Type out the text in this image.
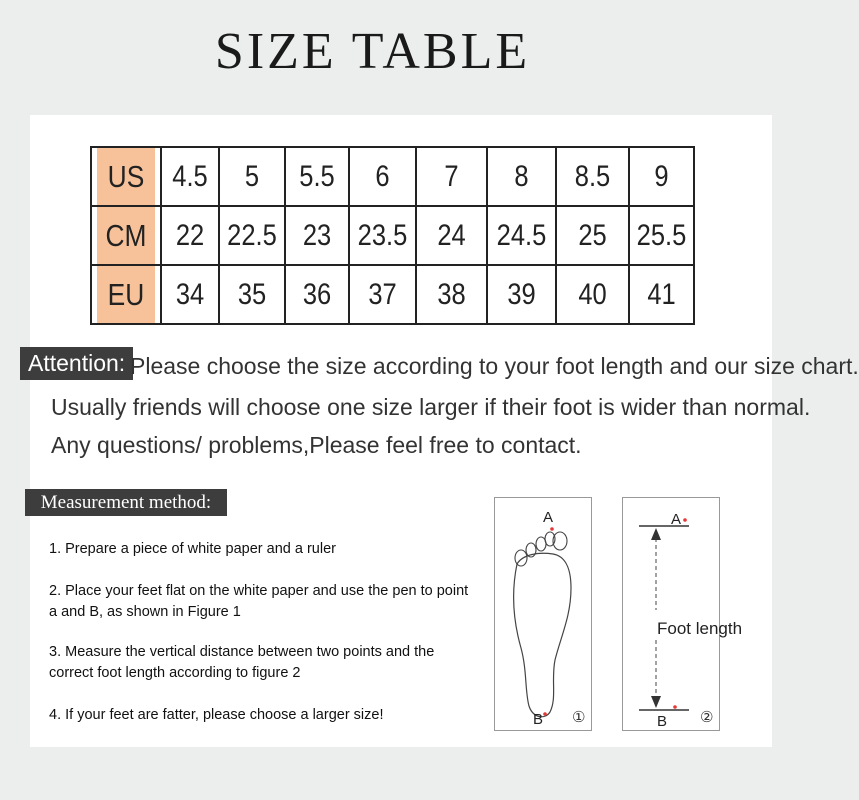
SIZE TABLE
US	4.5	5	5.5	6	7	8	8.5	9
CM	22	22.5	23	23.5	24	24.5	25	25.5
EU	34	35	36	37	38	39	40	41
Attention: Please choose the size according to your foot length and our size chart.
Usually friends will choose one size larger if their foot is wider than normal.
Any questions/ problems,Please feel free to contact.
Measurement method:
1. Prepare a piece of white paper and a ruler
2. Place your feet flat on the white paper and use the pen to point a and B, as shown in Figure 1
3. Measure the vertical distance between two points and the correct foot length according to figure 2
4. If your feet are fatter, please choose a larger size!
A
B ①
A
B
Foot length
②
